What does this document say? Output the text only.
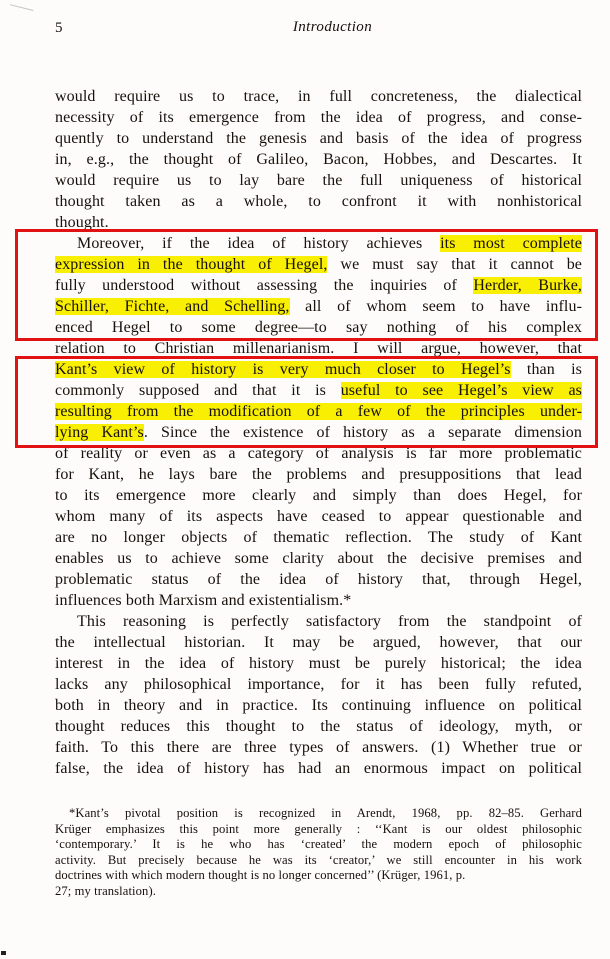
5	Introduction
would require us to trace, in full concreteness, the dialectical
necessity of its emergence from the idea of progress, and conse-
quently to understand the genesis and basis of the idea of progress
in, e.g., the thought of Galileo, Bacon, Hobbes, and Descartes. It
would require us to lay bare the full uniqueness of historical
thought taken as a whole, to confront it with nonhistorical
thought.
Moreover, if the idea of history achieves its most complete
expression in the thought of Hegel, we must say that it cannot be
fully understood without assessing the inquiries of Herder, Burke,
Schiller, Fichte, and Schelling, all of whom seem to have influ-
enced Hegel to some degree—to say nothing of his complex
relation to Christian millenarianism. I will argue, however, that
Kant’s view of history is very much closer to Hegel’s than is
commonly supposed and that it is useful to see Hegel’s view as
resulting from the modification of a few of the principles under-
lying Kant’s. Since the existence of history as a separate dimension
of reality or even as a category of analysis is far more problematic
for Kant, he lays bare the problems and presuppositions that lead
to its emergence more clearly and simply than does Hegel, for
whom many of its aspects have ceased to appear questionable and
are no longer objects of thematic reflection. The study of Kant
enables us to achieve some clarity about the decisive premises and
problematic status of the idea of history that, through Hegel,
influences both Marxism and existentialism.*
This reasoning is perfectly satisfactory from the standpoint of
the intellectual historian. It may be argued, however, that our
interest in the idea of history must be purely historical; the idea
lacks any philosophical importance, for it has been fully refuted,
both in theory and in practice. Its continuing influence on political
thought reduces this thought to the status of ideology, myth, or
faith. To this there are three types of answers. (1) Whether true or
false, the idea of history has had an enormous impact on political
*Kant’s pivotal position is recognized in Arendt, 1968, pp. 82–85. Gerhard
Krüger emphasizes this point more generally : ‘‘Kant is our oldest philosophic
‘contemporary.’ It is he who has ‘created’ the modern epoch of philosophic
activity. But precisely because he was its ‘creator,’ we still encounter in his work
doctrines with which modern thought is no longer concerned’’ (Krüger, 1961, p.
27; my translation).
